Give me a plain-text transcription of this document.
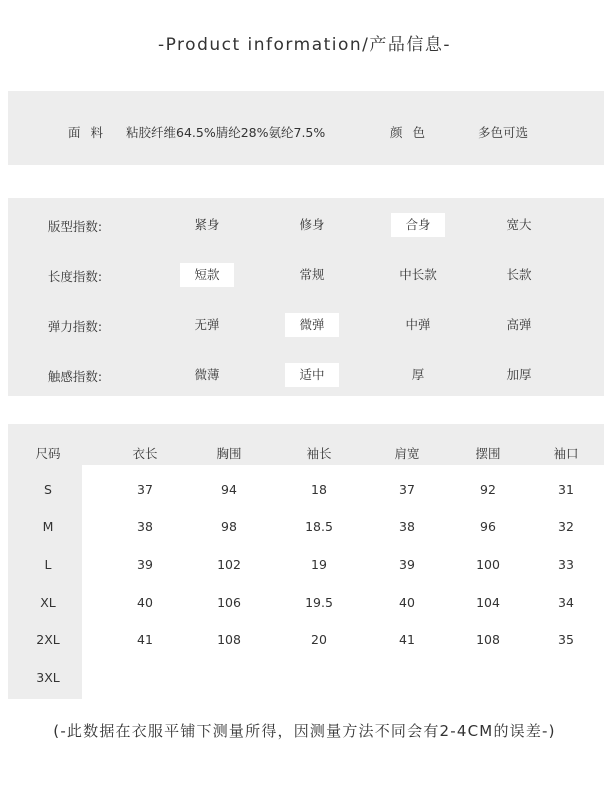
-Product information/产品信息-
面料 粘胶纤维64.5%腈纶28%氨纶7.5%	颜色	多色可选
版型指数:	紧身	修身	合身	宽大
长度指数:	短款	常规	中长款	长款
弹力指数:	无弹	微弹	中弹	高弹
触感指数:	微薄	适中	厚	加厚
尺码	衣长	胸围	袖长	肩宽	摆围	袖口
S	37	94	18	37	92	31
M	38	98	18.5	38	96	32
L	39	102	19	39	100	33
XL	40	106	19.5	40	104	34
2XL	41	108	20	41	108	35
3XL
(-此数据在衣服平铺下测量所得，因测量方法不同会有2-4CM的误差-)
